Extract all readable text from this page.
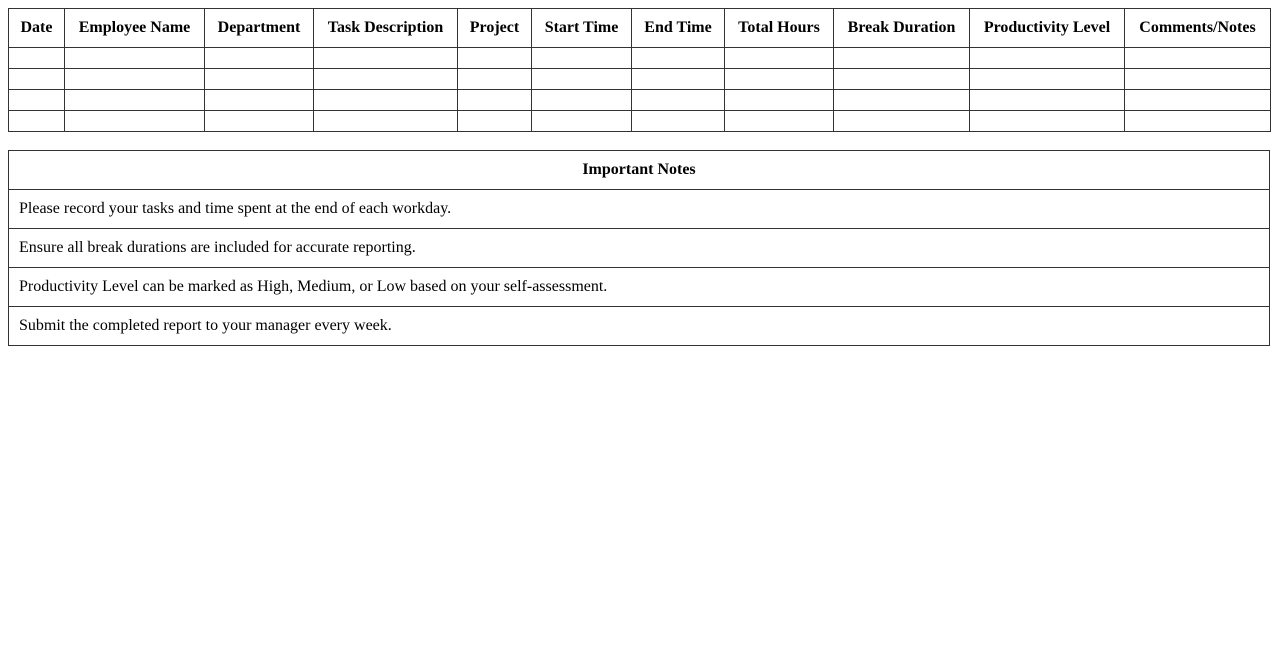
Date	Employee Name	Department	Task Description	Project	Start Time	End Time	Total Hours	Break Duration	Productivity Level	Comments/Notes

Important Notes
Please record your tasks and time spent at the end of each workday.
Ensure all break durations are included for accurate reporting.
Productivity Level can be marked as High, Medium, or Low based on your self-assessment.
Submit the completed report to your manager every week.
